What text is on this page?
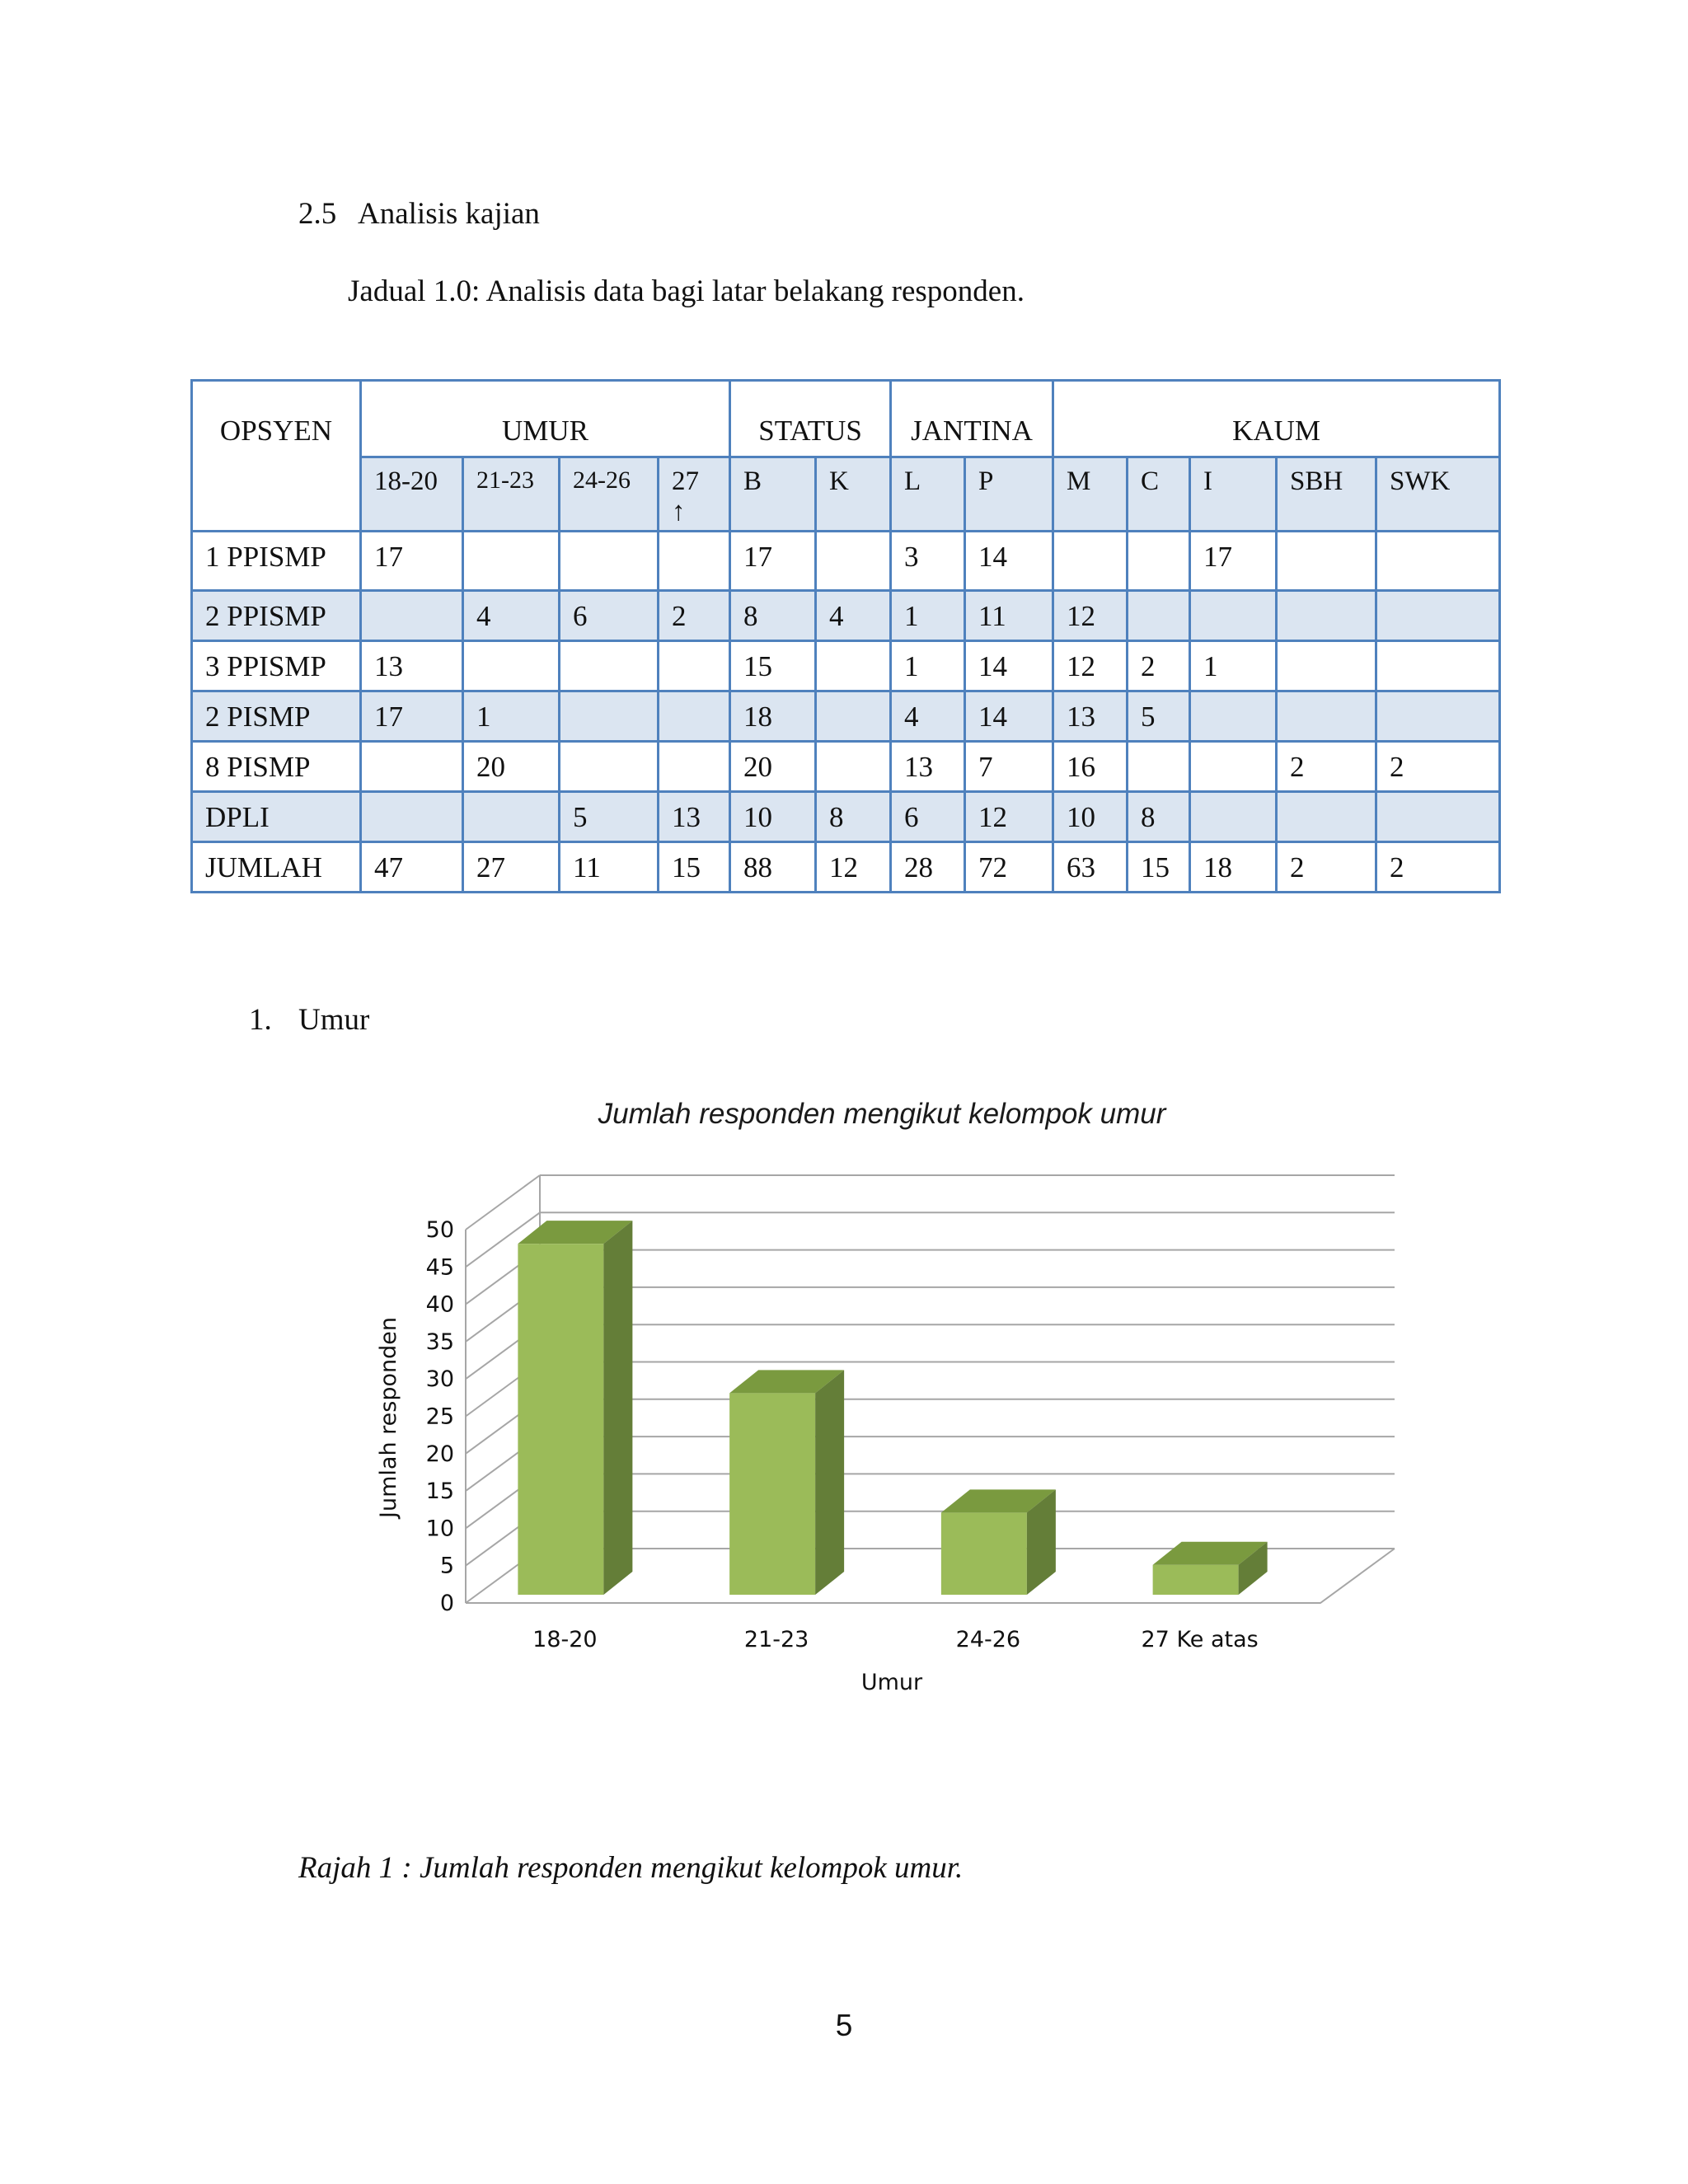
2.5 Analisis kajian
Jadual 1.0: Analisis data bagi latar belakang responden.
OPSYEN	UMUR				STATUS		JANTINA		KAUM				
	18-20	21-23	24-26	27 ↑	B	K	L	P	M	C	I	SBH	SWK
1 PPISMP	17				17		3	14			17		
2 PPISMP		4	6	2	8	4	1	11	12				
3 PPISMP	13				15		1	14	12	2	1		
2 PISMP	17	1			18		4	14	13	5			
8 PISMP		20			20		13	7	16			2	2
DPLI			5	13	10	8	6	12	10	8			
JUMLAH	47	27	11	15	88	12	28	72	63	15	18	2	2
1. Umur
Jumlah responden mengikut kelompok umur
0
5
10
15
20
25
30
35
40
45
50
18-20	21-23	24-26	27 Ke atas
Umur
Jumlah responden
Rajah 1 : Jumlah responden mengikut kelompok umur.
5
